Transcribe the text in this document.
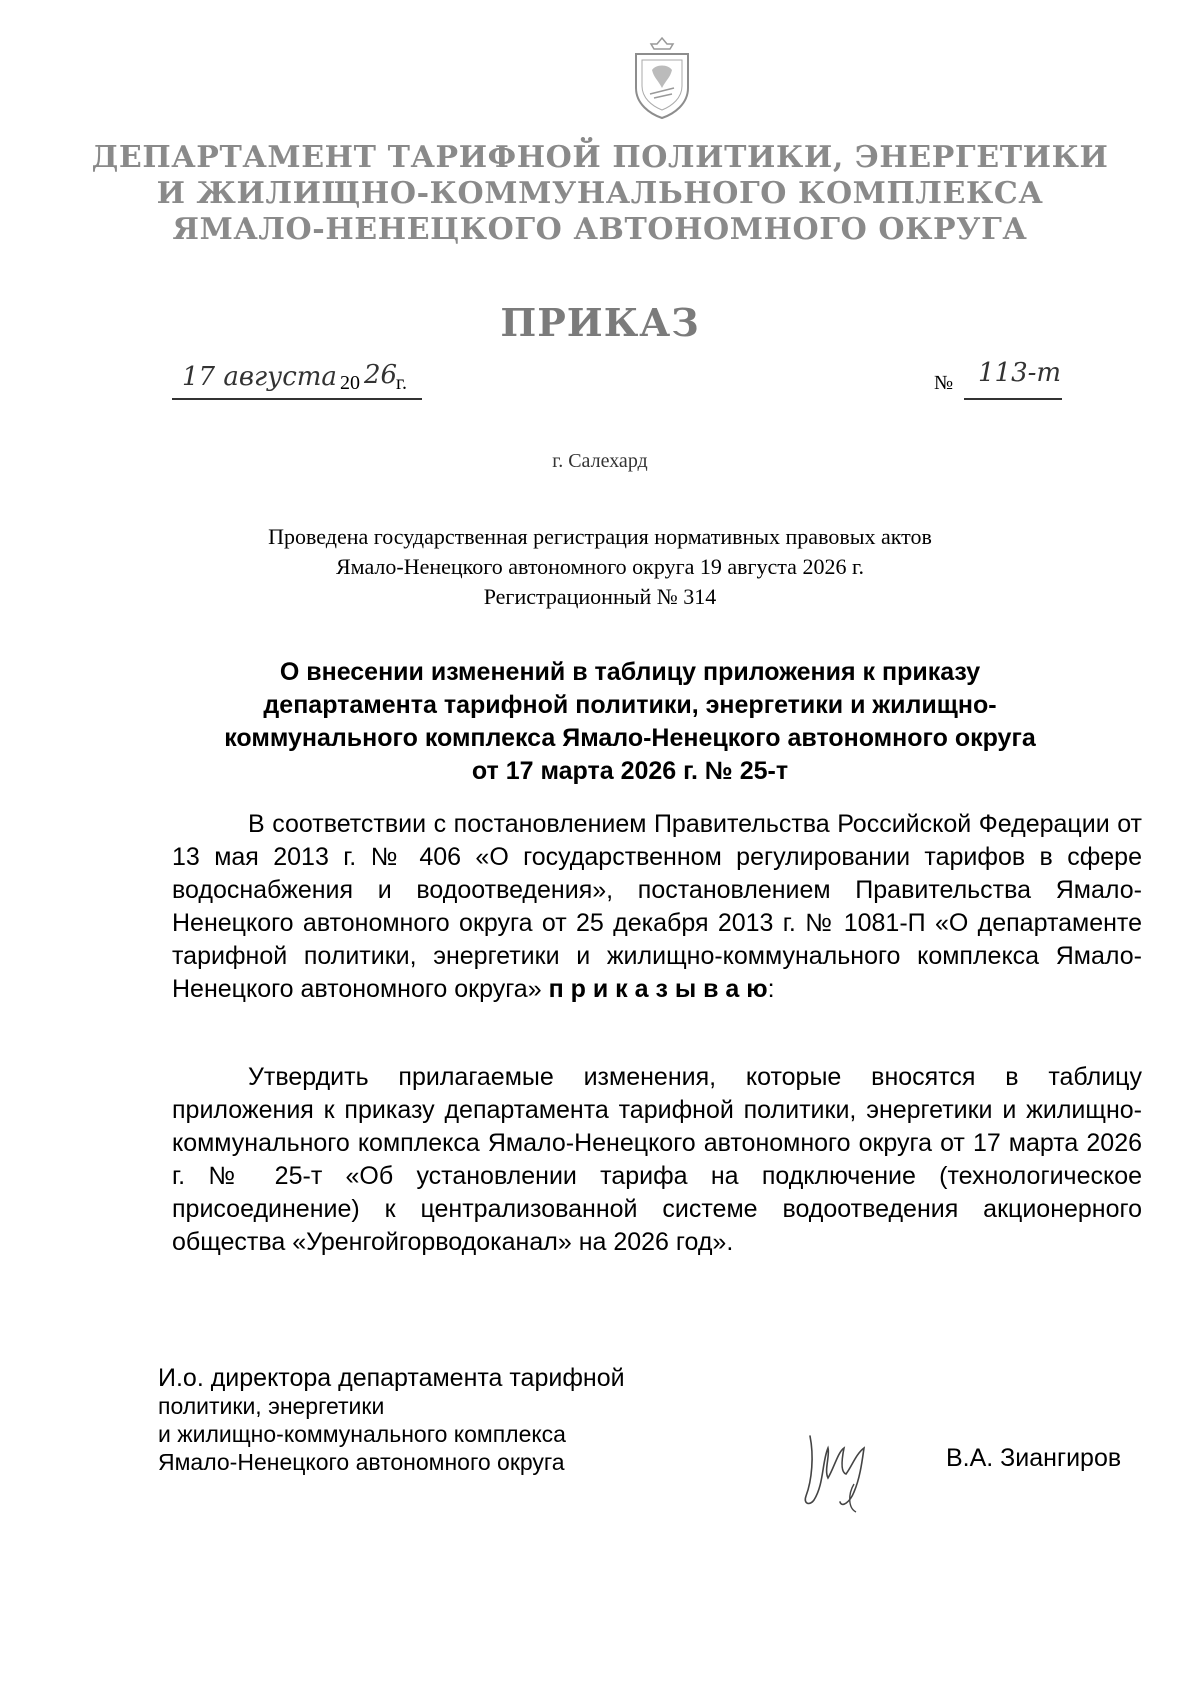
ДЕПАРТАМЕНТ ТАРИФНОЙ ПОЛИТИКИ, ЭНЕРГЕТИКИ
И ЖИЛИЩНО-КОММУНАЛЬНОГО КОМПЛЕКСА
ЯМАЛО-НЕНЕЦКОГО АВТОНОМНОГО ОКРУГА
ПРИКАЗ
17 августа 20 26
г.	№ 113-т
г. Салехард
Проведена государственная регистрация нормативных правовых актов
Ямало-Ненецкого автономного округа 19 августа 2026 г.
Регистрационный № 314
О внесении изменений в таблицу приложения к приказу
департамента тарифной политики, энергетики и жилищно-
коммунального комплекса Ямало-Ненецкого автономного округа
от 17 марта 2026 г. № 25-т
В соответствии с постановлением Правительства Российской Федерации от 13 мая 2013 г. № 406 «О государственном регулировании тарифов в сфере водоснабжения и водоотведения», постановлением Правительства Ямало-Ненецкого автономного округа от 25 декабря 2013 г. № 1081-П «О департаменте тарифной политики, энергетики и жилищно-коммунального комплекса Ямало-Ненецкого автономного округа» п р и к а з ы в а ю:
Утвердить прилагаемые изменения, которые вносятся в таблицу приложения к приказу департамента тарифной политики, энергетики и жилищно-коммунального комплекса Ямало-Ненецкого автономного округа от 17 марта 2026 г. № 25-т «Об установлении тарифа на подключение (технологическое присоединение) к централизованной системе водоотведения акционерного общества «Уренгойгорводоканал» на 2026 год».
И.о. директора департамента тарифной
политики, энергетики
и жилищно-коммунального комплекса
Ямало-Ненецкого автономного округа	В.А. Зиангиров
